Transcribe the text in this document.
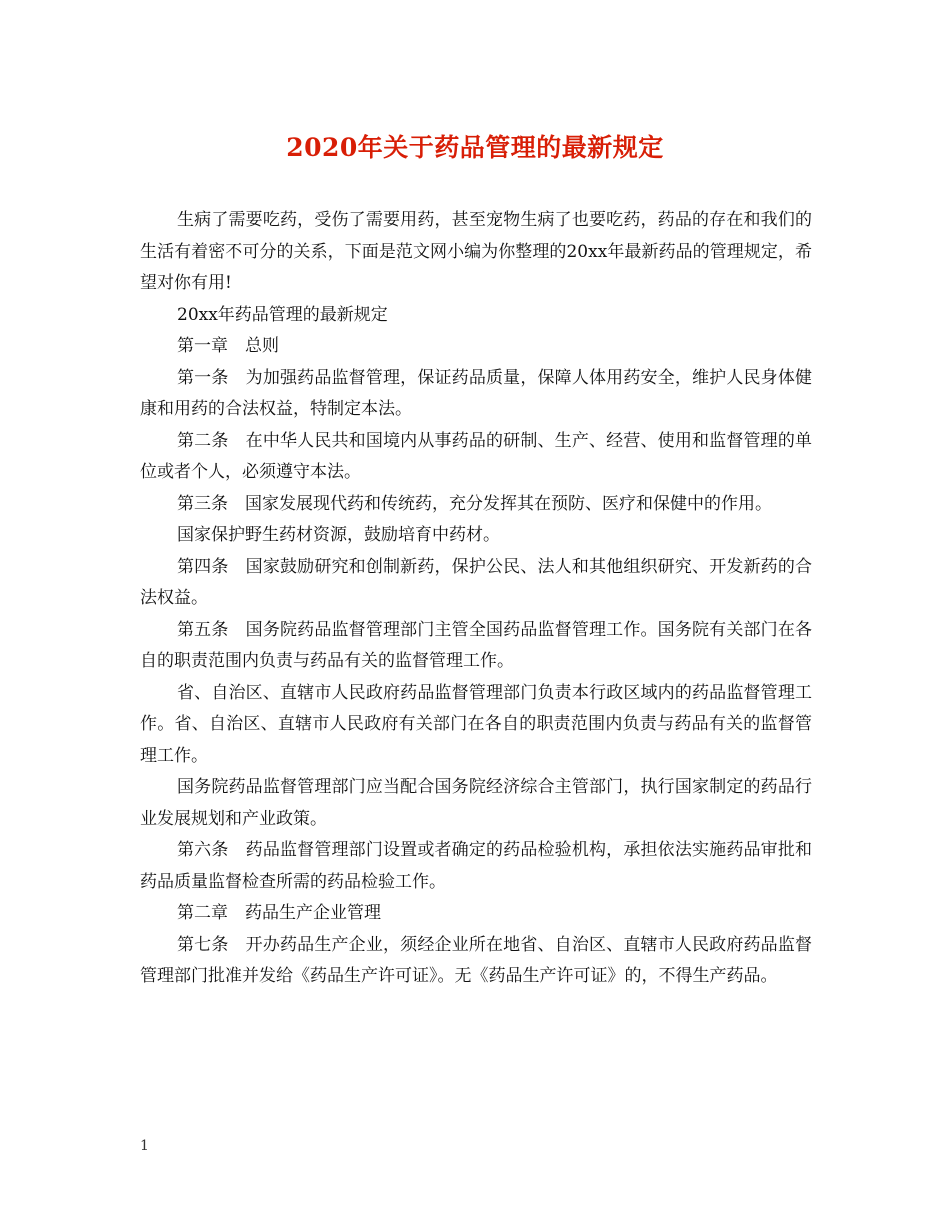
2020年关于药品管理的最新规定

生病了需要吃药，受伤了需要用药，甚至宠物生病了也要吃药，药品的存在和我们的生活有着密不可分的关系，下面是范文网小编为你整理的20xx年最新药品的管理规定，希望对你有用!

20xx年药品管理的最新规定

第一章　总则

第一条　为加强药品监督管理，保证药品质量，保障人体用药安全，维护人民身体健康和用药的合法权益，特制定本法。

第二条　在中华人民共和国境内从事药品的研制、生产、经营、使用和监督管理的单位或者个人，必须遵守本法。

第三条　国家发展现代药和传统药，充分发挥其在预防、医疗和保健中的作用。

国家保护野生药材资源，鼓励培育中药材。

第四条　国家鼓励研究和创制新药，保护公民、法人和其他组织研究、开发新药的合法权益。

第五条　国务院药品监督管理部门主管全国药品监督管理工作。国务院有关部门在各自的职责范围内负责与药品有关的监督管理工作。

省、自治区、直辖市人民政府药品监督管理部门负责本行政区域内的药品监督管理工作。省、自治区、直辖市人民政府有关部门在各自的职责范围内负责与药品有关的监督管理工作。

国务院药品监督管理部门应当配合国务院经济综合主管部门，执行国家制定的药品行业发展规划和产业政策。

第六条　药品监督管理部门设置或者确定的药品检验机构，承担依法实施药品审批和药品质量监督检查所需的药品检验工作。

第二章　药品生产企业管理

第七条　开办药品生产企业，须经企业所在地省、自治区、直辖市人民政府药品监督管理部门批准并发给《药品生产许可证》。无《药品生产许可证》的，不得生产药品。

1
